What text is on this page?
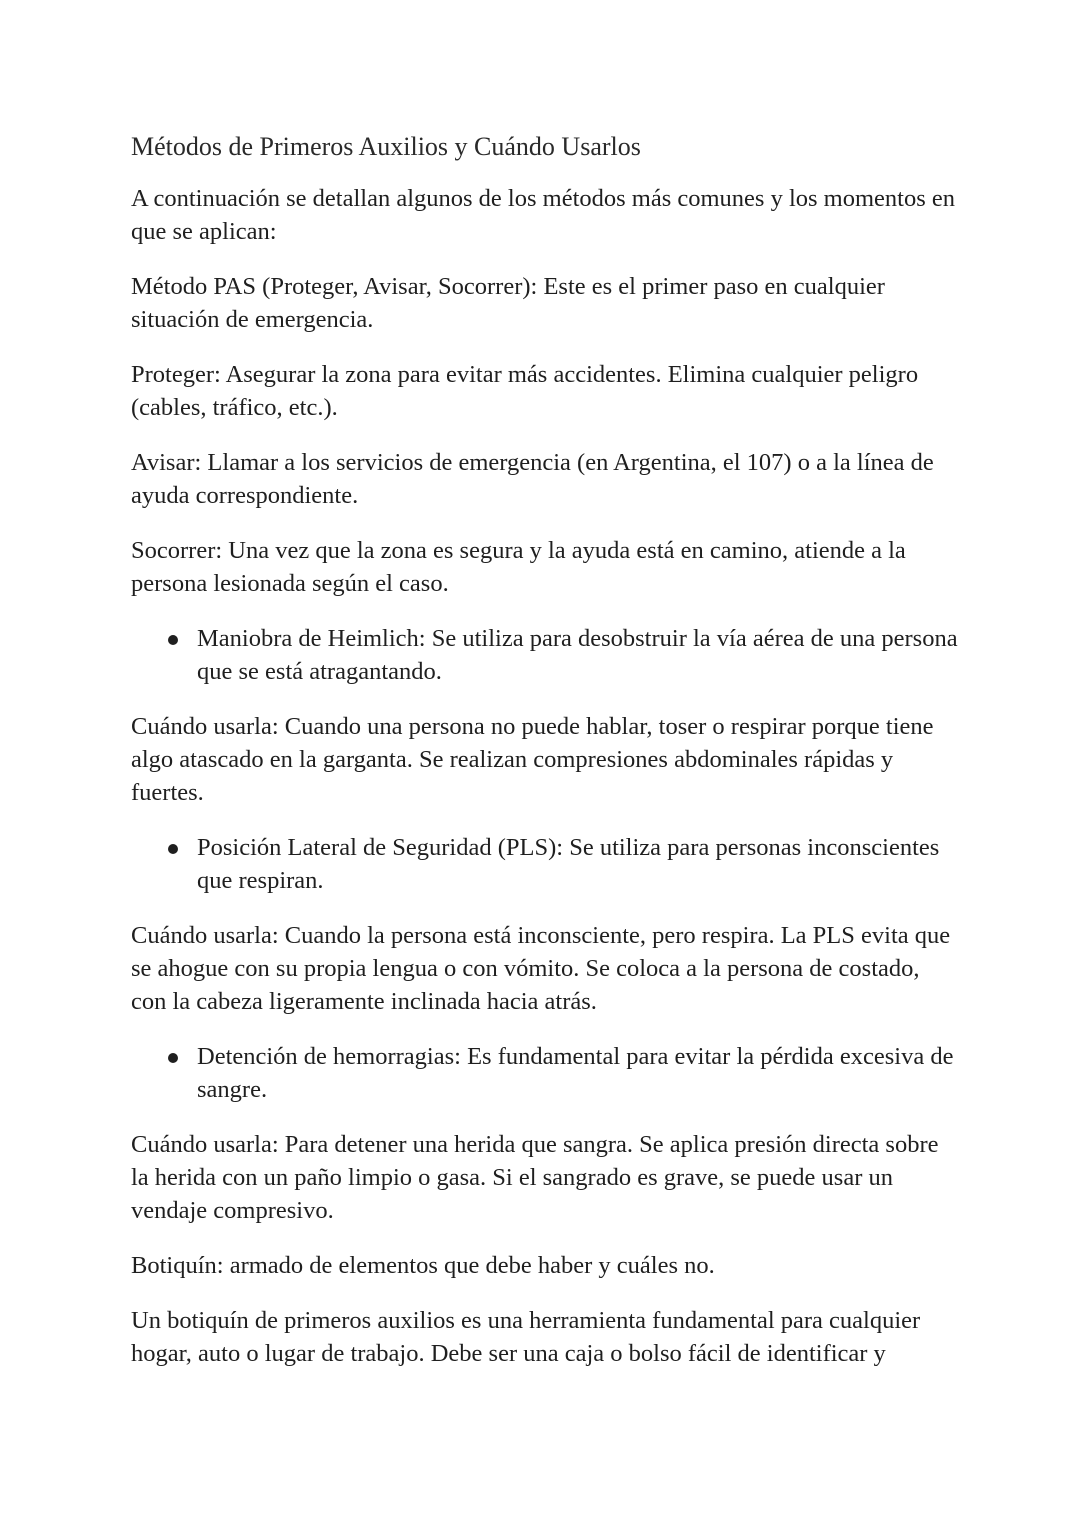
Métodos de Primeros Auxilios y Cuándo Usarlos

A continuación se detallan algunos de los métodos más comunes y los momentos en que se aplican:

Método PAS (Proteger, Avisar, Socorrer): Este es el primer paso en cualquier situación de emergencia.

Proteger: Asegurar la zona para evitar más accidentes. Elimina cualquier peligro (cables, tráfico, etc.).

Avisar: Llamar a los servicios de emergencia (en Argentina, el 107) o a la línea de ayuda correspondiente.

Socorrer: Una vez que la zona es segura y la ayuda está en camino, atiende a la persona lesionada según el caso.

Maniobra de Heimlich: Se utiliza para desobstruir la vía aérea de una persona que se está atragantando.

Cuándo usarla: Cuando una persona no puede hablar, toser o respirar porque tiene algo atascado en la garganta. Se realizan compresiones abdominales rápidas y fuertes.

Posición Lateral de Seguridad (PLS): Se utiliza para personas inconscientes que respiran.

Cuándo usarla: Cuando la persona está inconsciente, pero respira. La PLS evita que se ahogue con su propia lengua o con vómito. Se coloca a la persona de costado, con la cabeza ligeramente inclinada hacia atrás.

Detención de hemorragias: Es fundamental para evitar la pérdida excesiva de sangre.

Cuándo usarla: Para detener una herida que sangra. Se aplica presión directa sobre la herida con un paño limpio o gasa. Si el sangrado es grave, se puede usar un vendaje compresivo.

Botiquín: armado de elementos que debe haber y cuáles no.

Un botiquín de primeros auxilios es una herramienta fundamental para cualquier hogar, auto o lugar de trabajo. Debe ser una caja o bolso fácil de identificar y
